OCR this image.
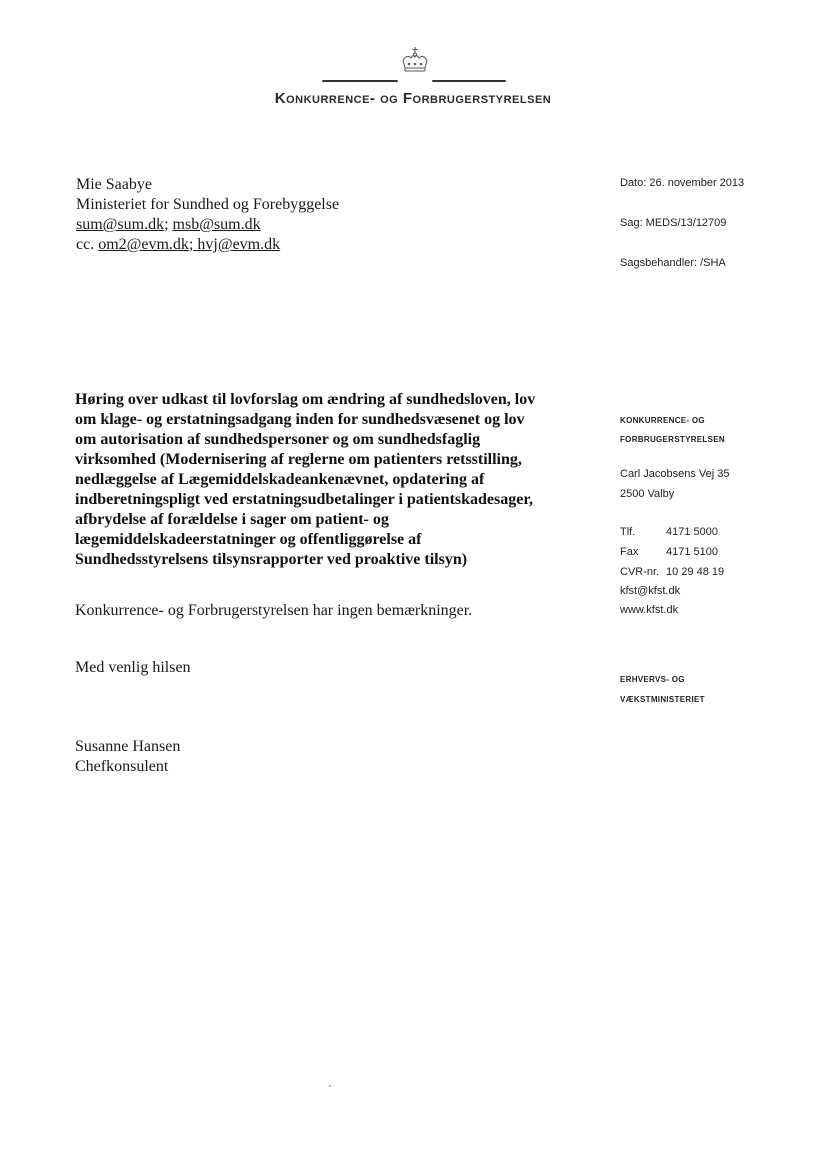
Konkurrence- og Forbrugerstyrelsen
Mie Saabye
Ministeriet for Sundhed og Forebyggelse
sum@sum.dk; msb@sum.dk
cc. om2@evm.dk; hvj@evm.dk
Dato: 26. november 2013
Sag: MEDS/13/12709
Sagsbehandler: /SHA
Høring over udkast til lovforslag om ændring af sundhedsloven, lov
om klage- og erstatningsadgang inden for sundhedsvæsenet og lov
om autorisation af sundhedspersoner og om sundhedsfaglig
virksomhed (Modernisering af reglerne om patienters retsstilling,
nedlæggelse af Lægemiddelskadeankenævnet, opdatering af
indberetningspligt ved erstatningsudbetalinger i patientskadesager,
afbrydelse af forældelse i sager om patient- og
lægemiddelskadeerstatninger og offentliggørelse af
Sundhedsstyrelsens tilsynsrapporter ved proaktive tilsyn)
Konkurrence- og Forbrugerstyrelsen har ingen bemærkninger.
Med venlig hilsen
Susanne Hansen
Chefkonsulent
KONKURRENCE- OG
FORBRUGERSTYRELSEN
Carl Jacobsens Vej 35
2500 Valby
Tlf.	4171 5000
Fax	4171 5100
CVR-nr. 10 29 48 19
kfst@kfst.dk
www.kfst.dk
ERHVERVS- OG
VÆKSTMINISTERIET
